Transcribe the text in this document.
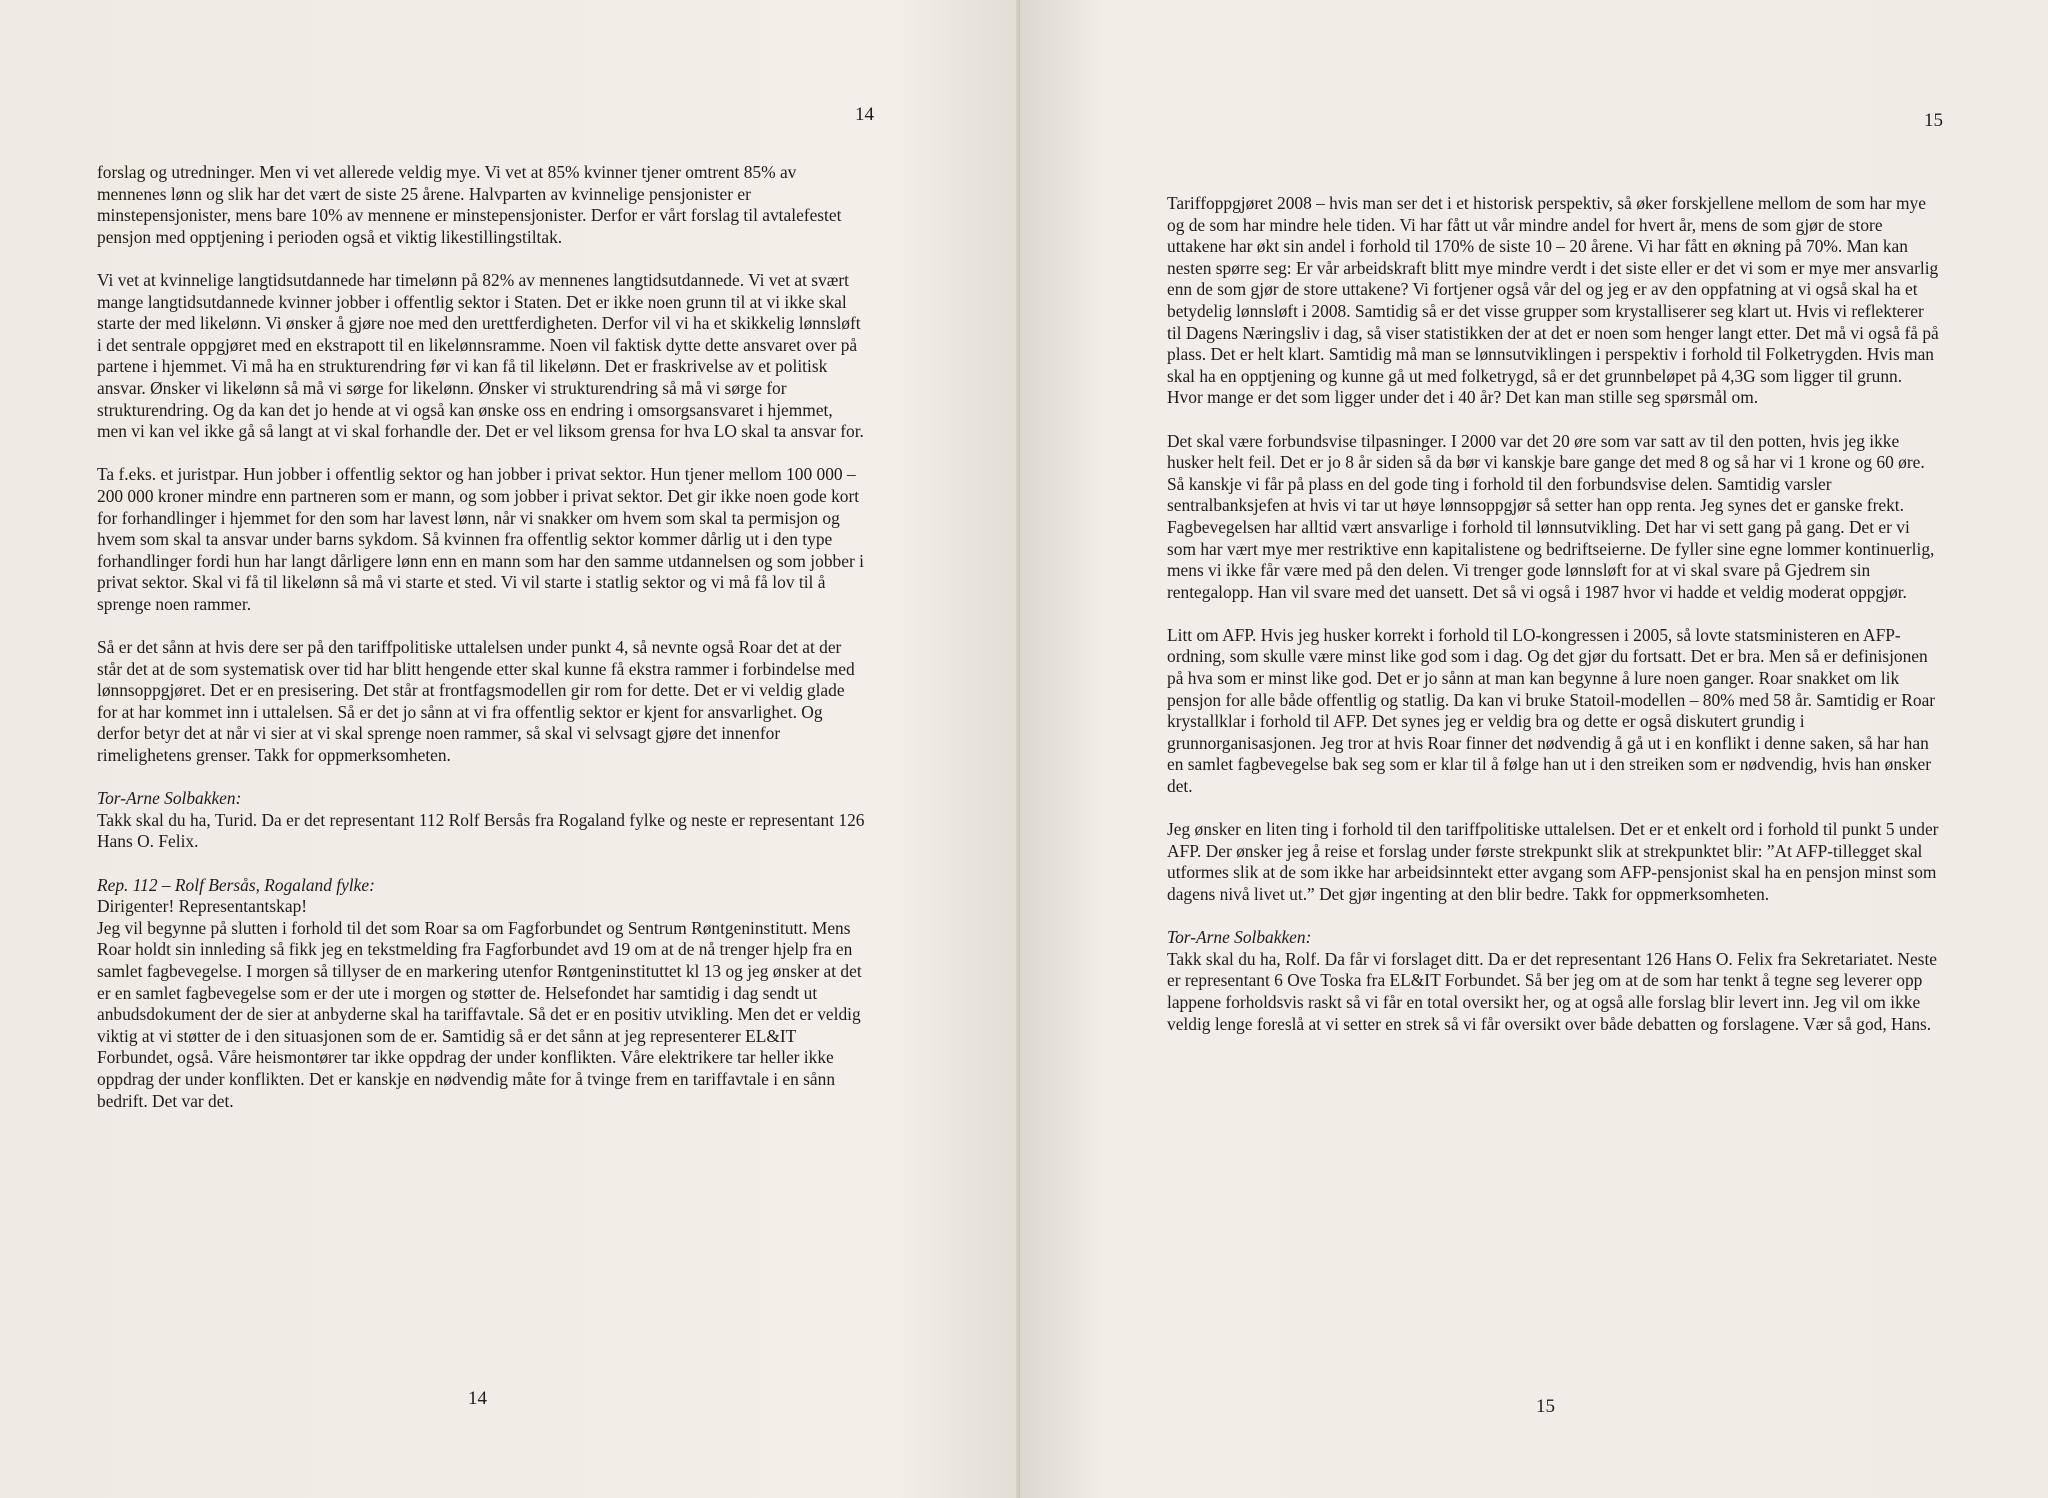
14

forslag og utredninger. Men vi vet allerede veldig mye. Vi vet at 85% kvinner tjener omtrent 85% av mennenes lønn og slik har det vært de siste 25 årene. Halvparten av kvinnelige pensjonister er minstepensjonister, mens bare 10% av mennene er minstepensjonister. Derfor er vårt forslag til avtalefestet pensjon med opptjening i perioden også et viktig likestillingstiltak.

Vi vet at kvinnelige langtidsutdannede har timelønn på 82% av mennenes langtidsutdannede. Vi vet at svært mange langtidsutdannede kvinner jobber i offentlig sektor i Staten. Det er ikke noen grunn til at vi ikke skal starte der med likelønn. Vi ønsker å gjøre noe med den urettferdigheten. Derfor vil vi ha et skikkelig lønnsløft i det sentrale oppgjøret med en ekstrapott til en likelønnsramme. Noen vil faktisk dytte dette ansvaret over på partene i hjemmet. Vi må ha en strukturendring før vi kan få til likelønn. Det er fraskrivelse av et politisk ansvar. Ønsker vi likelønn så må vi sørge for likelønn. Ønsker vi strukturendring så må vi sørge for strukturendring. Og da kan det jo hende at vi også kan ønske oss en endring i omsorgsansvaret i hjemmet, men vi kan vel ikke gå så langt at vi skal forhandle der. Det er vel liksom grensa for hva LO skal ta ansvar for.

Ta f.eks. et juristpar. Hun jobber i offentlig sektor og han jobber i privat sektor. Hun tjener mellom 100 000 – 200 000 kroner mindre enn partneren som er mann, og som jobber i privat sektor. Det gir ikke noen gode kort for forhandlinger i hjemmet for den som har lavest lønn, når vi snakker om hvem som skal ta permisjon og hvem som skal ta ansvar under barns sykdom. Så kvinnen fra offentlig sektor kommer dårlig ut i den type forhandlinger fordi hun har langt dårligere lønn enn en mann som har den samme utdannelsen og som jobber i privat sektor. Skal vi få til likelønn så må vi starte et sted. Vi vil starte i statlig sektor og vi må få lov til å sprenge noen rammer.

Så er det sånn at hvis dere ser på den tariffpolitiske uttalelsen under punkt 4, så nevnte også Roar det at der står det at de som systematisk over tid har blitt hengende etter skal kunne få ekstra rammer i forbindelse med lønnsoppgjøret. Det er en presisering. Det står at frontfagsmodellen gir rom for dette. Det er vi veldig glade for at har kommet inn i uttalelsen. Så er det jo sånn at vi fra offentlig sektor er kjent for ansvarlighet. Og derfor betyr det at når vi sier at vi skal sprenge noen rammer, så skal vi selvsagt gjøre det innenfor rimelighetens grenser. Takk for oppmerksomheten.

Tor-Arne Solbakken:

Takk skal du ha, Turid. Da er det representant 112 Rolf Bersås fra Rogaland fylke og neste er representant 126 Hans O. Felix.

Rep. 112 – Rolf Bersås, Rogaland fylke:

Dirigenter! Representantskap!

Jeg vil begynne på slutten i forhold til det som Roar sa om Fagforbundet og Sentrum Røntgeninstitutt. Mens Roar holdt sin innleding så fikk jeg en tekstmelding fra Fagforbundet avd 19 om at de nå trenger hjelp fra en samlet fagbevegelse. I morgen så tillyser de en markering utenfor Røntgeninstituttet kl 13 og jeg ønsker at det er en samlet fagbevegelse som er der ute i morgen og støtter de. Helsefondet har samtidig i dag sendt ut anbudsdokument der de sier at anbyderne skal ha tariffavtale. Så det er en positiv utvikling. Men det er veldig viktig at vi støtter de i den situasjonen som de er. Samtidig så er det sånn at jeg representerer EL&IT Forbundet, også. Våre heismontører tar ikke oppdrag der under konflikten. Våre elektrikere tar heller ikke oppdrag der under konflikten. Det er kanskje en nødvendig måte for å tvinge frem en tariffavtale i en sånn bedrift. Det var det.

14
15

Tariffoppgjøret 2008 – hvis man ser det i et historisk perspektiv, så øker forskjellene mellom de som har mye og de som har mindre hele tiden. Vi har fått ut vår mindre andel for hvert år, mens de som gjør de store uttakene har økt sin andel i forhold til 170% de siste 10 – 20 årene. Vi har fått en økning på 70%. Man kan nesten spørre seg: Er vår arbeidskraft blitt mye mindre verdt i det siste eller er det vi som er mye mer ansvarlig enn de som gjør de store uttakene? Vi fortjener også vår del og jeg er av den oppfatning at vi også skal ha et betydelig lønnsløft i 2008. Samtidig så er det visse grupper som krystalliserer seg klart ut. Hvis vi reflekterer til Dagens Næringsliv i dag, så viser statistikken der at det er noen som henger langt etter. Det må vi også få på plass. Det er helt klart. Samtidig må man se lønnsutviklingen i perspektiv i forhold til Folketrygden. Hvis man skal ha en opptjening og kunne gå ut med folketrygd, så er det grunnbeløpet på 4,3G som ligger til grunn. Hvor mange er det som ligger under det i 40 år? Det kan man stille seg spørsmål om.

Det skal være forbundsvise tilpasninger. I 2000 var det 20 øre som var satt av til den potten, hvis jeg ikke husker helt feil. Det er jo 8 år siden så da bør vi kanskje bare gange det med 8 og så har vi 1 krone og 60 øre. Så kanskje vi får på plass en del gode ting i forhold til den forbundsvise delen. Samtidig varsler sentralbanksjefen at hvis vi tar ut høye lønnsoppgjør så setter han opp renta. Jeg synes det er ganske frekt. Fagbevegelsen har alltid vært ansvarlige i forhold til lønnsutvikling. Det har vi sett gang på gang. Det er vi som har vært mye mer restriktive enn kapitalistene og bedriftseierne. De fyller sine egne lommer kontinuerlig, mens vi ikke får være med på den delen. Vi trenger gode lønnsløft for at vi skal svare på Gjedrem sin rentegalopp. Han vil svare med det uansett. Det så vi også i 1987 hvor vi hadde et veldig moderat oppgjør.

Litt om AFP. Hvis jeg husker korrekt i forhold til LO-kongressen i 2005, så lovte statsministeren en AFP-ordning, som skulle være minst like god som i dag. Og det gjør du fortsatt. Det er bra. Men så er definisjonen på hva som er minst like god. Det er jo sånn at man kan begynne å lure noen ganger. Roar snakket om lik pensjon for alle både offentlig og statlig. Da kan vi bruke Statoil-modellen – 80% med 58 år. Samtidig er Roar krystallklar i forhold til AFP. Det synes jeg er veldig bra og dette er også diskutert grundig i grunnorganisasjonen. Jeg tror at hvis Roar finner det nødvendig å gå ut i en konflikt i denne saken, så har han en samlet fagbevegelse bak seg som er klar til å følge han ut i den streiken som er nødvendig, hvis han ønsker det.

Jeg ønsker en liten ting i forhold til den tariffpolitiske uttalelsen. Det er et enkelt ord i forhold til punkt 5 under AFP. Der ønsker jeg å reise et forslag under første strekpunkt slik at strekpunktet blir: ”At AFP-tillegget skal utformes slik at de som ikke har arbeidsinntekt etter avgang som AFP-pensjonist skal ha en pensjon minst som dagens nivå livet ut.” Det gjør ingenting at den blir bedre. Takk for oppmerksomheten.

Tor-Arne Solbakken:

Takk skal du ha, Rolf. Da får vi forslaget ditt. Da er det representant 126 Hans O. Felix fra Sekretariatet. Neste er representant 6 Ove Toska fra EL&IT Forbundet. Så ber jeg om at de som har tenkt å tegne seg leverer opp lappene forholdsvis raskt så vi får en total oversikt her, og at også alle forslag blir levert inn. Jeg vil om ikke veldig lenge foreslå at vi setter en strek så vi får oversikt over både debatten og forslagene. Vær så god, Hans.

15
